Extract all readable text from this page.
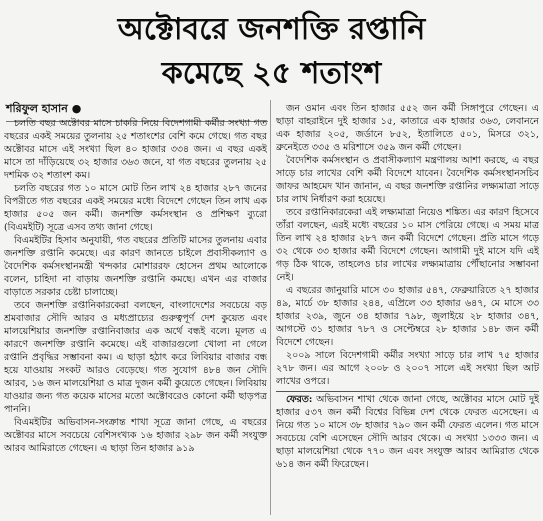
অক্টোবরে জনশক্তি রপ্তানি
কমেছে ২৫ শতাংশ
শরিফুল হাসান ●

চলতি বছর অক্টোবর মাসে চাকরি নিয়ে বিদেশগামী কর্মীর সংখ্যা গত বছরের একই সময়ের তুলনায় ২৫ শতাংশের বেশি কমে গেছে। গত বছর অক্টোবর মাসে এই সংখ্যা ছিল ৪০ হাজার ৩৩৪ জন। এ বছর একই মাসে তা দাঁড়িয়েছে ৩২ হাজার ৩৬৩ জনে, যা গত বছরের তুলনায় ২৫ দশমিক ৩২ শতাংশ কম।

চলতি বছরের গত ১০ মাসে মোট তিন লাখ ২৪ হাজার ২৮৭ জনের বিপরীতে গত বছরের একই সময়ের মধ্যে বিদেশে গেছেন তিন লাখ এক হাজার ৫০৫ জন কর্মী। জনশক্তি কর্মসংস্থান ও প্রশিক্ষণ ব্যুরো (বিএমইটি) সূত্রে এসব তথ্য জানা গেছে।

বিএমইটির হিসাব অনুযায়ী, গত বছরের প্রতিটি মাসের তুলনায় এবার জনশক্তি রপ্তানি কমেছে। এর কারণ জানতে চাইলে প্রবাসীকল্যাণ ও বৈদেশিক কর্মসংস্থানমন্ত্রী খন্দকার মোশাররফ হোসেন প্রথম আলোকে বলেন, চাহিদা না বাড়ায় জনশক্তি রপ্তানি কমছে। এখন এর বাজার বাড়াতে সরকার চেষ্টা চালাচ্ছে।

তবে জনশক্তি রপ্তানিকারকেরা বলছেন, বাংলাদেশের সবচেয়ে বড় শ্রমবাজার সৌদি আরব ও মধ্যপ্রাচ্যের গুরুত্বপূর্ণ দেশ কুয়েত এবং মালয়েশিয়ার জনশক্তি রপ্তানিবাজার এক অর্থে বন্ধই বলে। মূলত এ কারণে জনশক্তি রপ্তানি কমেছে। এই বাজারগুলো খোলা না গেলে রপ্তানি প্রবৃদ্ধির সম্ভাবনা কম। এ ছাড়া হঠাৎ করে লিবিয়ার বাজার বন্ধ হয়ে যাওয়ায় সংকট আরও বেড়েছে। গত সুযোগ ৪৮৪ জন সৌদি আরব, ১৬ জন মালয়েশিয়া ও মাত্র দুজন কর্মী কুয়েতে গেছেন। লিবিয়ায় যাওয়ার জন্য গত কয়েক মাসের মতো অক্টোবরেও কোনো কর্মী ছাড়পত্র পাননি।

বিএমইটির অভিবাসন-সংক্রান্ত শাখা সূত্রে জানা গেছে, এ বছরের অক্টোবর মাসে সবচেয়ে বেশিসংখ্যক ১৬ হাজার ২৯৮ জন কর্মী সংযুক্ত আরব আমিরাতে গেছেন। এ ছাড়া তিন হাজার ৯১৯

জন ওমান এবং তিন হাজার ৫৫২ জন কর্মী সিঙ্গাপুরে গেছেন। এ ছাড়া বাহরাইনে দুই হাজার ১৫, কাতারে এক হাজার ৩৬৩, লেবাননে এক হাজার ২০৫, জর্ডানে ৮৫২, ইতালিতে ৫০১, মিসরে ৩২১, ব্রুনেইতে ৩৩৫ ও মরিশাসে ৩৫৯ জন কর্মী গেছেন।

বৈদেশিক কর্মসংস্থান ও প্রবাসীকল্যাণ মন্ত্রণালয় আশা করছে, এ বছর সাড়ে চার লাখের বেশি কর্মী বিদেশে যাবেন। বৈদেশিক কর্মসংস্থানসচিব জাফর আহমেদ খান জানান, এ বছর জনশক্তি রপ্তানির লক্ষ্যমাত্রা সাড়ে চার লাখ নির্ধারণ করা হয়েছে।

তবে রপ্তানিকারকেরা এই লক্ষ্যমাত্রা নিয়েও শঙ্কিত। এর কারণ হিসেবে তাঁরা বলছেন, এরই মধ্যে বছরের ১০ মাস পেরিয়ে গেছে। এ সময় মাত্র তিন লাখ ২৪ হাজার ২৮৭ জন কর্মী বিদেশে গেছেন। প্রতি মাসে গড়ে ৩২ থেকে ৩৩ হাজার কর্মী বিদেশে গেছেন। আগামী দুই মাসে যদি এই গড় ঠিক থাকে, তাহলেও চার লাখের লক্ষ্যমাত্রায় পৌঁছানোর সম্ভাবনা নেই।

এ বছরের জানুয়ারি মাসে ৩০ হাজার ৫৪৭, ফেব্রুয়ারিতে ২৭ হাজার ৪৯, মার্চে ৩৮ হাজার ২৪৪, এপ্রিলে ৩৩ হাজার ৬৪৭, মে মাসে ৩৩ হাজার ২৩৯, জুনে ৩৪ হাজার ৭৯৮, জুলাইয়ে ২৮ হাজার ৩৪৭, আগস্টে ৩১ হাজার ৭৮৭ ও সেপ্টেম্বরে ২৮ হাজার ১৪৮ জন কর্মী বিদেশে গেছেন।

২০০৯ সালে বিদেশগামী কর্মীর সংখ্যা সাড়ে চার লাখ ৭৫ হাজার ২৭৮ জন। এর আগে ২০০৮ ও ২০০৭ সালে এই সংখ্যা ছিল আট লাখের ওপরে।

ফেরত: অভিবাসন শাখা থেকে জানা গেছে, অক্টোবর মাসে মোট দুই হাজার ৫৩৭ জন কর্মী বিশ্বের বিভিন্ন দেশ থেকে ফেরত এসেছেন। এ নিয়ে গত ১০ মাসে ৩৮ হাজার ৭৯০ জন কর্মী ফেরত এলেন। গত মাসে সবচেয়ে বেশি এসেছেন সৌদি আরব থেকে। এ সংখ্যা ১৩৩৩ জন। এ ছাড়া মালয়েশিয়া থেকে ৭৭০ জন এবং সংযুক্ত আরব আমিরাত থেকে ৬১৪ জন কর্মী ফিরেছেন।
